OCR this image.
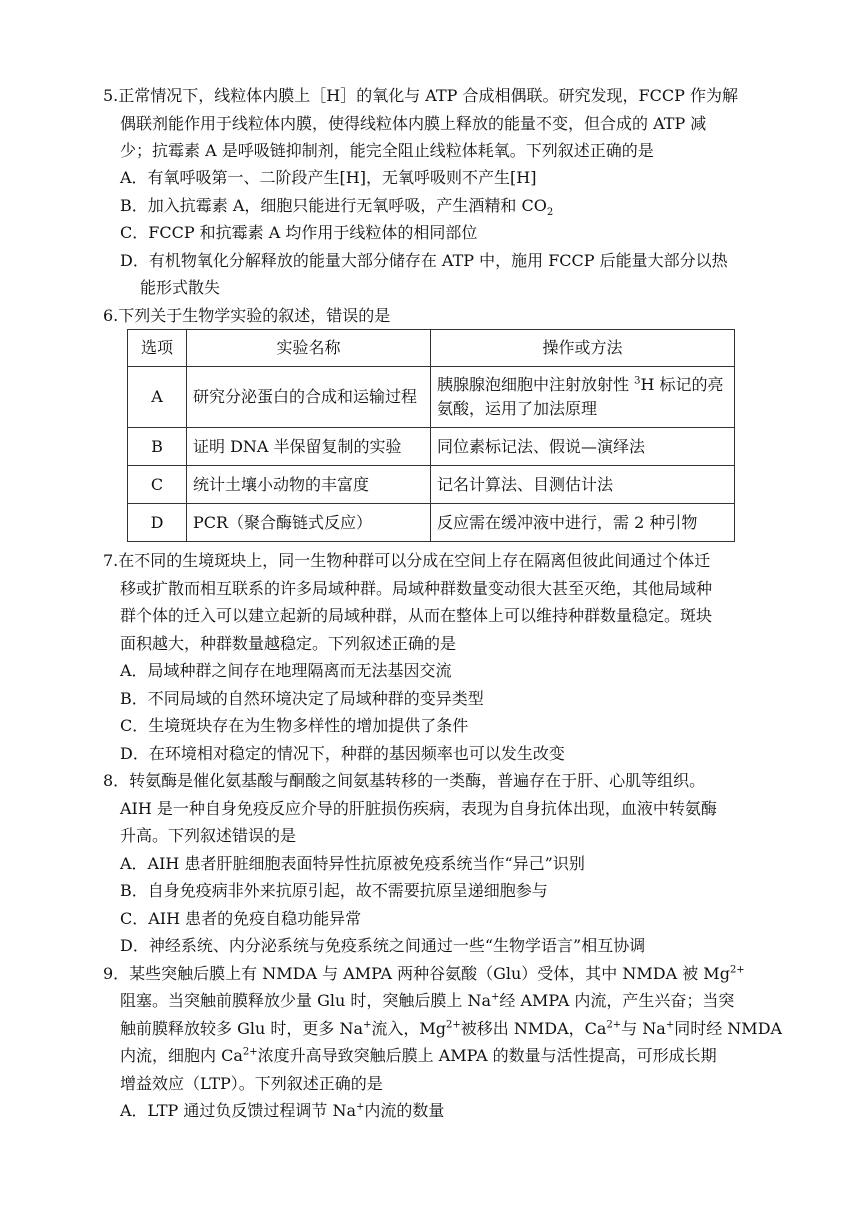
5.正常情况下，线粒体内膜上［H］的氧化与 ATP 合成相偶联。研究发现，FCCP 作为解
偶联剂能作用于线粒体内膜，使得线粒体内膜上释放的能量不变，但合成的 ATP 减
少；抗霉素 A 是呼吸链抑制剂，能完全阻止线粒体耗氧。下列叙述正确的是
A．有氧呼吸第一、二阶段产生[H]，无氧呼吸则不产生[H]
B．加入抗霉素 A，细胞只能进行无氧呼吸，产生酒精和 $CO_2$
C．FCCP 和抗霉素 A 均作用于线粒体的相同部位
D．有机物氧化分解释放的能量大部分储存在 ATP 中，施用 FCCP 后能量大部分以热
能形式散失
6.下列关于生物学实验的叙述，错误的是
选项	实验名称	操作或方法
A	研究分泌蛋白的合成和运输过程	胰腺腺泡细胞中注射放射性 $^3$H 标记的亮氨酸，运用了加法原理
B	证明 DNA 半保留复制的实验	同位素标记法、假说—演绎法
C	统计土壤小动物的丰富度	记名计算法、目测估计法
D	PCR（聚合酶链式反应）	反应需在缓冲液中进行，需 2 种引物
7.在不同的生境斑块上，同一生物种群可以分成在空间上存在隔离但彼此间通过个体迁
移或扩散而相互联系的许多局域种群。局域种群数量变动很大甚至灭绝，其他局域种
群个体的迁入可以建立起新的局域种群，从而在整体上可以维持种群数量稳定。斑块
面积越大，种群数量越稳定。下列叙述正确的是
A．局域种群之间存在地理隔离而无法基因交流
B．不同局域的自然环境决定了局域种群的变异类型
C．生境斑块存在为生物多样性的增加提供了条件
D．在环境相对稳定的情况下，种群的基因频率也可以发生改变
8．转氨酶是催化氨基酸与酮酸之间氨基转移的一类酶，普遍存在于肝、心肌等组织。
AIH 是一种自身免疫反应介导的肝脏损伤疾病，表现为自身抗体出现，血液中转氨酶
升高。下列叙述错误的是
A．AIH 患者肝脏细胞表面特异性抗原被免疫系统当作“异己”识别
B．自身免疫病非外来抗原引起，故不需要抗原呈递细胞参与
C．AIH 患者的免疫自稳功能异常
D．神经系统、内分泌系统与免疫系统之间通过一些“生物学语言”相互协调
9．某些突触后膜上有 NMDA 与 AMPA 两种谷氨酸（Glu）受体，其中 NMDA 被 $Mg^{2+}$
阻塞。当突触前膜释放少量 Glu 时，突触后膜上 Na+经 AMPA 内流，产生兴奋；当突
触前膜释放较多 Glu 时，更多 Na+流入，$Mg^{2+}$被移出 NMDA，$Ca^{2+}$与 Na+同时经 NMDA
内流，细胞内 $Ca^{2+}$浓度升高导致突触后膜上 AMPA 的数量与活性提高，可形成长期
增益效应（LTP）。下列叙述正确的是
A．LTP 通过负反馈过程调节 Na+内流的数量
